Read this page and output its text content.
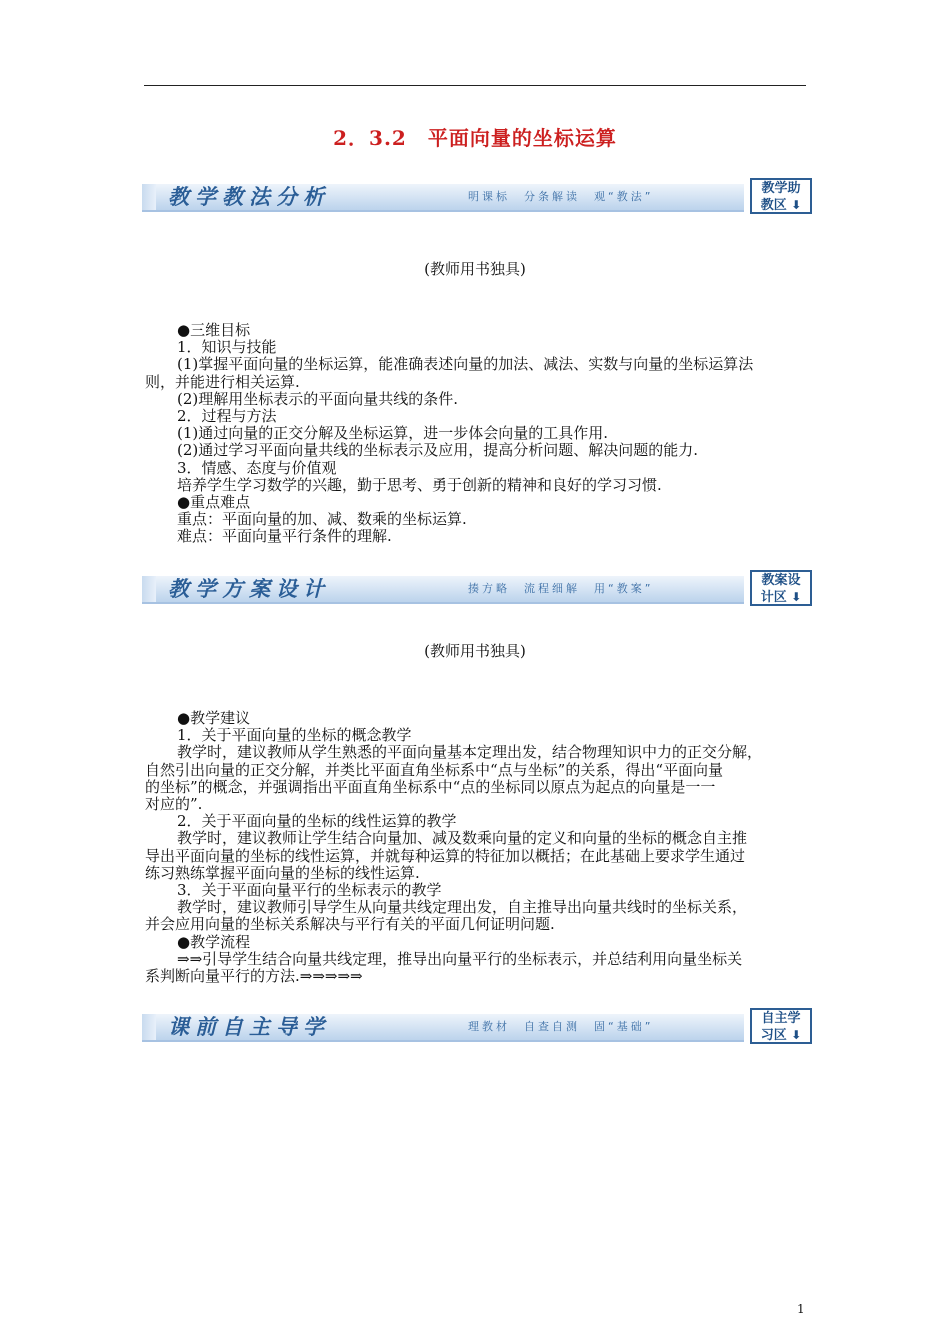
2．3.2　平面向量的坐标运算
教学教法分析	明课标　分条解读　观“教法”
教学助
教区 ⬇
(教师用书独具)

●三维目标

1．知识与技能

(1)掌握平面向量的坐标运算，能准确表述向量的加法、减法、实数与向量的坐标运算法

则，并能进行相关运算.

(2)理解用坐标表示的平面向量共线的条件.

2．过程与方法

(1)通过向量的正交分解及坐标运算，进一步体会向量的工具作用.

(2)通过学习平面向量共线的坐标表示及应用，提高分析问题、解决问题的能力.

3．情感、态度与价值观

培养学生学习数学的兴趣，勤于思考、勇于创新的精神和良好的学习习惯.

●重点难点

重点：平面向量的加、减、数乘的坐标运算.

难点：平面向量平行条件的理解.

教学方案设计	揍方略　流程细解　用“教案”
教案设
计区 ⬇
(教师用书独具)

●教学建议

1．关于平面向量的坐标的概念教学

教学时，建议教师从学生熟悉的平面向量基本定理出发，结合物理知识中力的正交分解，

自然引出向量的正交分解，并类比平面直角坐标系中“点与坐标”的关系，得出“平面向量

的坐标”的概念，并强调指出平面直角坐标系中“点的坐标同以原点为起点的向量是一一

对应的”.

2．关于平面向量的坐标的线性运算的教学

教学时，建议教师让学生结合向量加、减及数乘向量的定义和向量的坐标的概念自主推

导出平面向量的坐标的线性运算，并就每种运算的特征加以概括；在此基础上要求学生通过

练习熟练掌握平面向量的坐标的线性运算.

3．关于平面向量平行的坐标表示的教学

教学时，建议教师引导学生从向量共线定理出发，自主推导出向量共线时的坐标关系，

并会应用向量的坐标关系解决与平行有关的平面几何证明问题.

●教学流程

⇒⇒引导学生结合向量共线定理，推导出向量平行的坐标表示，并总结利用向量坐标关

系判断向量平行的方法.⇒⇒⇒⇒⇒

课前自主导学	理教材　自查自测　固“基础”
自主学
习区 ⬇
1
